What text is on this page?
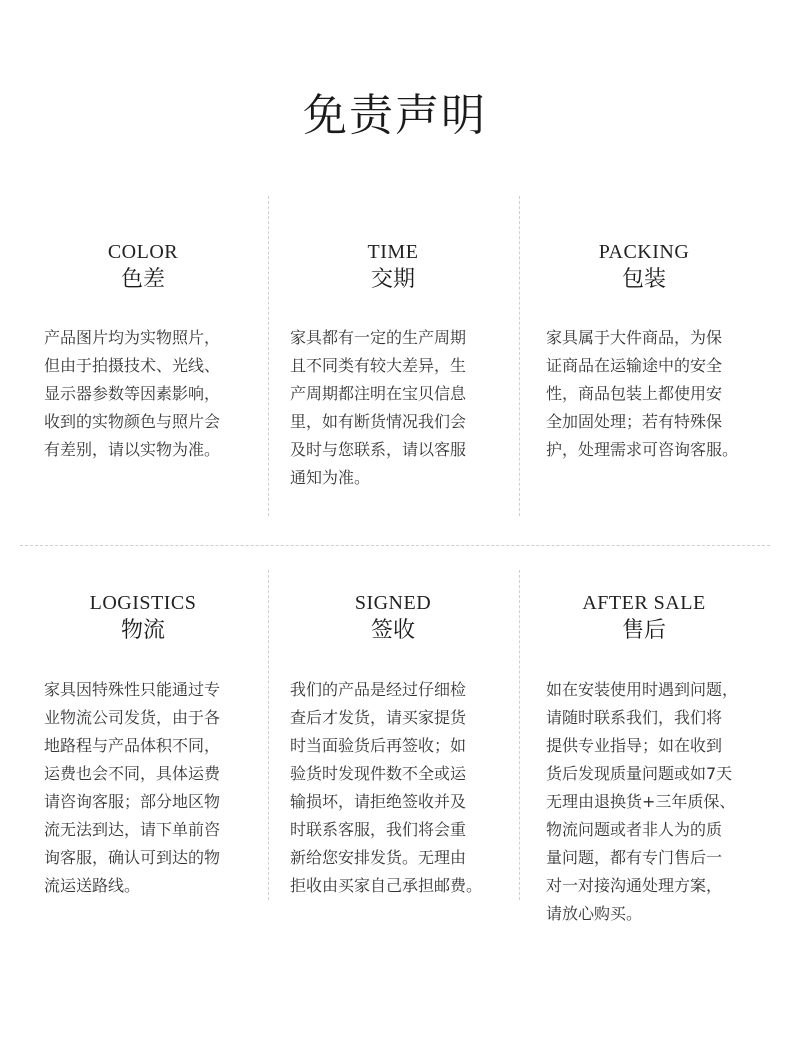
免责声明
COLOR
色差
产品图片均为实物照片，
但由于拍摄技术、光线、
显示器参数等因素影响，
收到的实物颜色与照片会
有差别，请以实物为准。
TIME
交期
家具都有一定的生产周期
且不同类有较大差异，生
产周期都注明在宝贝信息
里，如有断货情况我们会
及时与您联系，请以客服
通知为准。
PACKING
包装
家具属于大件商品，为保
证商品在运输途中的安全
性，商品包装上都使用安
全加固处理；若有特殊保
护，处理需求可咨询客服。
LOGISTICS
物流
家具因特殊性只能通过专
业物流公司发货，由于各
地路程与产品体积不同，
运费也会不同，具体运费
请咨询客服；部分地区物
流无法到达，请下单前咨
询客服，确认可到达的物
流运送路线。
SIGNED
签收
我们的产品是经过仔细检
查后才发货，请买家提货
时当面验货后再签收；如
验货时发现件数不全或运
输损坏，请拒绝签收并及
时联系客服，我们将会重
新给您安排发货。无理由
拒收由买家自己承担邮费。
AFTER SALE
售后
如在安装使用时遇到问题，
请随时联系我们，我们将
提供专业指导；如在收到
货后发现质量问题或如7天
无理由退换货+三年质保、
物流问题或者非人为的质
量问题，都有专门售后一
对一对接沟通处理方案，
请放心购买。
